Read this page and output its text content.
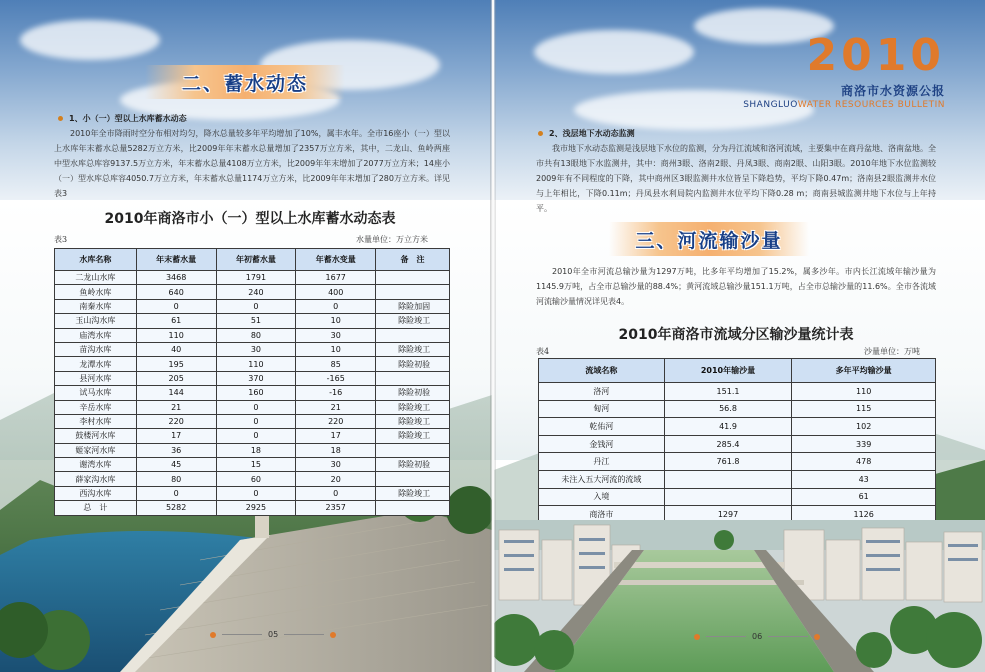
二、蓄水动态
1、小（一）型以上水库蓄水动态

2010年全市降雨时空分布相对均匀，降水总量较多年平均增加了10%，属丰水年。全市16座小（一）型以上水库年末蓄水总量5282万立方米，比2009年年末蓄水总量增加了2357万立方米，其中，二龙山、鱼岭两座中型水库总库容9137.5万立方米，年末蓄水总量4108万立方米，比2009年年末增加了2077万立方米；14座小（一）型水库总库容4050.7万立方米，年末蓄水总量1174万立方米，比2009年年末增加了280万立方米。详见表3

2010年商洛市小（一）型以上水库蓄水动态表
表3	水量单位：万立方米
水库名称	年末蓄水量	年初蓄水量	年蓄水变量	备　注
二龙山水库	3468	1791	1677	
鱼岭水库	640	240	400	
南秦水库	0	0	0	除险加固
玉山沟水库	61	51	10	除险竣工
庙湾水库	110	80	30	
苗沟水库	40	30	10	除险竣工
龙潭水库	195	110	85	除险初验
县河水库	205	370	-165	
试马水库	144	160	-16	除险初验
辛岳水库	21	0	21	除险竣工
李村水库	220	0	220	除险竣工
鼓楼河水库	17	0	17	除险竣工
姬家河水库	36	18	18	
谢湾水库	45	15	30	除险初验
薛家沟水库	80	60	20	
西沟水库	0	0	0	除险竣工
总　计	5282	2925	2357	
05
2010
商洛市水资源公报
SHANGLUOWATER RESOURCES BULLETIN
2、浅层地下水动态监测

我市地下水动态监测是浅层地下水位的监测，分为丹江流域和洛河流域，主要集中在商丹盆地、洛南盆地。全市共有13眼地下水监测井，其中：商州3眼、洛南2眼、丹凤3眼、商南2眼、山阳3眼。2010年地下水位监测较2009年有不同程度的下降，其中商州区3眼监测井水位皆呈下降趋势，平均下降0.47m；洛南县2眼监测井水位与上年相比，下降0.11m；丹凤县水利局院内监测井水位平均下降0.28 m；商南县城监测井地下水位与上年持平。

三、河流输沙量

2010年全市河流总输沙量为1297万吨，比多年平均增加了15.2%，属多沙年。市内长江流域年输沙量为1145.9万吨，占全市总输沙量的88.4%；黄河流域总输沙量151.1万吨，占全市总输沙量的11.6%。全市各流域河流输沙量情况详见表4。

2010年商洛市流域分区输沙量统计表
表4	沙量单位：万吨
流域名称	2010年输沙量	多年平均输沙量
洛河	151.1	110
甸河	56.8	115
乾佑河	41.9	102
金钱河	285.4	339
丹江	761.8	478
未注入五大河流的流域		43
入境		61
商洛市	1297	1126
06
